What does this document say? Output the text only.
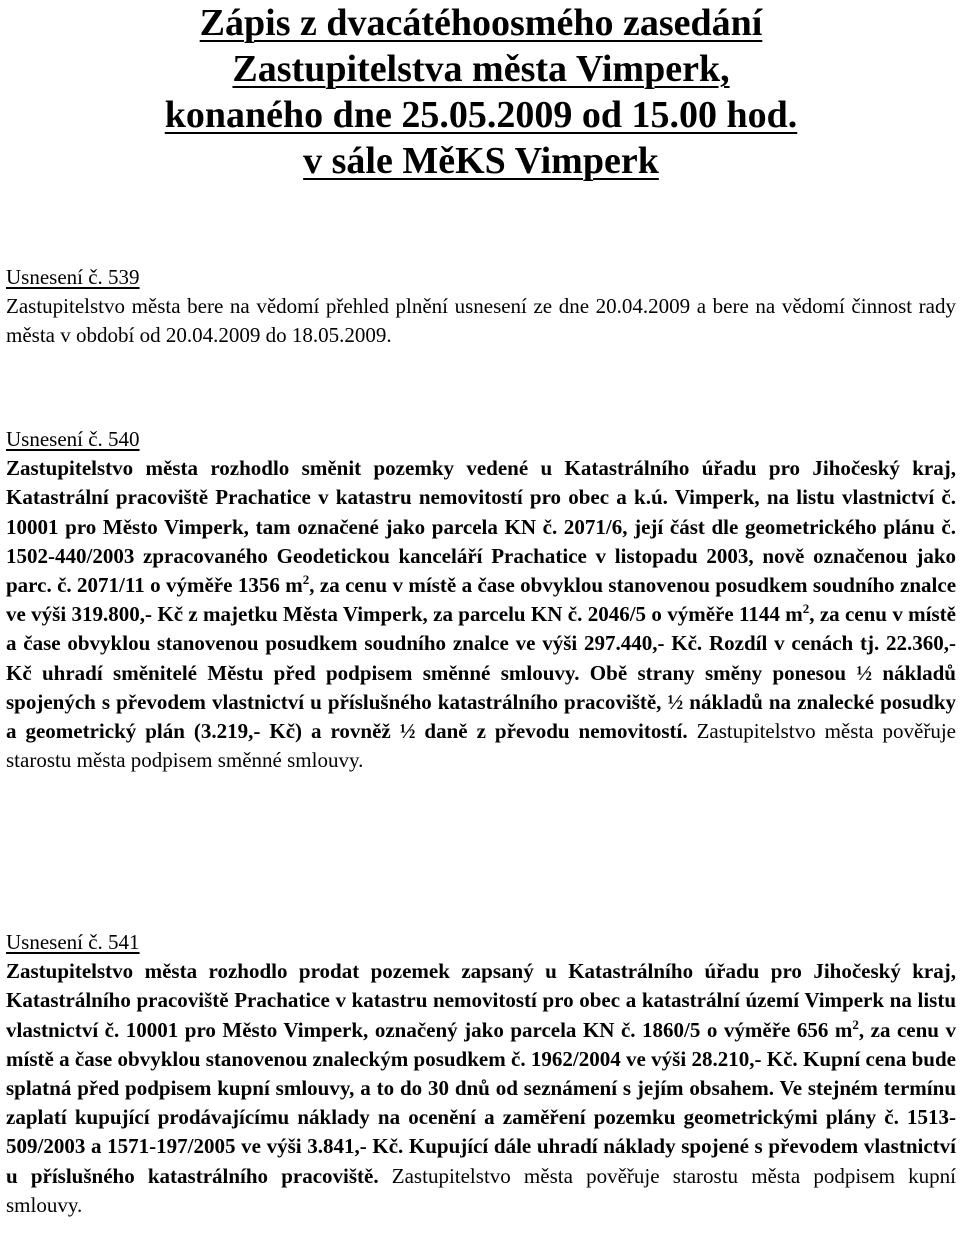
Zápis z dvacátéhoosmého zasedání
Zastupitelstva města Vimperk,
konaného dne 25.05.2009 od 15.00 hod.
v sále MěKS Vimperk
Usnesení č. 539
Zastupitelstvo města bere na vědomí přehled plnění usnesení ze dne 20.04.2009 a bere na vědomí činnost rady města v období od 20.04.2009 do 18.05.2009.
Usnesení č. 540
Zastupitelstvo města rozhodlo směnit pozemky vedené u Katastrálního úřadu pro Jihočeský kraj, Katastrální pracoviště Prachatice v katastru nemovitostí pro obec a k.ú. Vimperk, na listu vlastnictví č. 10001 pro Město Vimperk, tam označené jako parcela KN č. 2071/6, její část dle geometrického plánu č. 1502-440/2003 zpracovaného Geodetickou kanceláří Prachatice v listopadu 2003, nově označenou jako parc. č. 2071/11 o výměře 1356 $m^2$, za cenu v místě a čase obvyklou stanovenou posudkem soudního znalce ve výši 319.800,- Kč z majetku Města Vimperk, za parcelu KN č. 2046/5 o výměře 1144 $m^2$, za cenu v místě a čase obvyklou stanovenou posudkem soudního znalce ve výši 297.440,- Kč. Rozdíl v cenách tj. 22.360,- Kč uhradí směnitelé Městu před podpisem směnné smlouvy. Obě strany směny ponesou ½ nákladů spojených s převodem vlastnictví u příslušného katastrálního pracoviště, ½ nákladů na znalecké posudky a geometrický plán (3.219,- Kč) a rovněž ½ daně z převodu nemovitostí. Zastupitelstvo města pověřuje starostu města podpisem směnné smlouvy.
Usnesení č. 541
Zastupitelstvo města rozhodlo prodat pozemek zapsaný u Katastrálního úřadu pro Jihočeský kraj, Katastrálního pracoviště Prachatice v katastru nemovitostí pro obec a katastrální území Vimperk na listu vlastnictví č. 10001 pro Město Vimperk, označený jako parcela KN č. 1860/5 o výměře 656 $m^2$, za cenu v místě a čase obvyklou stanovenou znaleckým posudkem č. 1962/2004 ve výši 28.210,- Kč. Kupní cena bude splatná před podpisem kupní smlouvy, a to do 30 dnů od seznámení s jejím obsahem. Ve stejném termínu zaplatí kupující prodávajícímu náklady na ocenění a zaměření pozemku geometrickými plány č. 1513-509/2003 a 1571-197/2005 ve výši 3.841,- Kč. Kupující dále uhradí náklady spojené s převodem vlastnictví u příslušného katastrálního pracoviště. Zastupitelstvo města pověřuje starostu města podpisem kupní smlouvy.
